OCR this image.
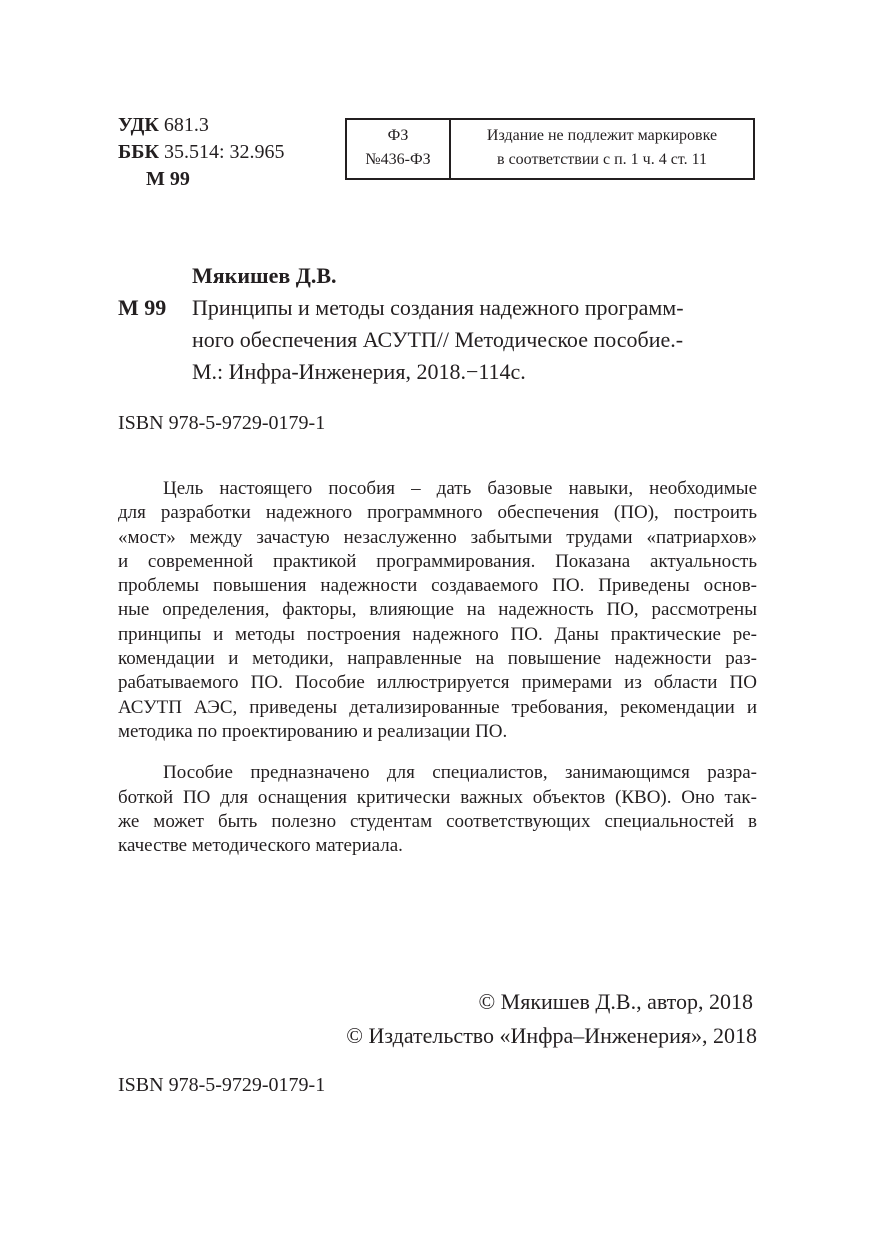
УДК 681.3
ББК 35.514: 32.965
М 99
ФЗ
№436-ФЗ
Издание не подлежит маркировке
в соответствии с п. 1 ч. 4 ст. 11
Мякишев Д.В.
М 99	Принципы и методы создания надежного программ-
ного обеспечения АСУТП// Методическое пособие.-
М.: Инфра-Инженерия, 2018.−114с.
ISBN 978-5-9729-0179-1
Цель настоящего пособия – дать базовые навыки, необходимые
для разработки надежного программного обеспечения (ПО), построить
«мост» между зачастую незаслуженно забытыми трудами «патриархов»
и современной практикой программирования. Показана актуальность
проблемы повышения надежности создаваемого ПО. Приведены основ-
ные определения, факторы, влияющие на надежность ПО, рассмотрены
принципы и методы построения надежного ПО. Даны практические ре-
комендации и методики, направленные на повышение надежности раз-
рабатываемого ПО. Пособие иллюстрируется примерами из области ПО
АСУТП АЭС, приведены детализированные требования, рекомендации и
методика по проектированию и реализации ПО.
Пособие предназначено для специалистов, занимающимся разра-
боткой ПО для оснащения критически важных объектов (КВО). Оно так-
же может быть полезно студентам соответствующих специальностей в
качестве методического материала.
© Мякишев Д.В., автор, 2018
© Издательство «Инфра–Инженерия», 2018
ISBN 978-5-9729-0179-1
